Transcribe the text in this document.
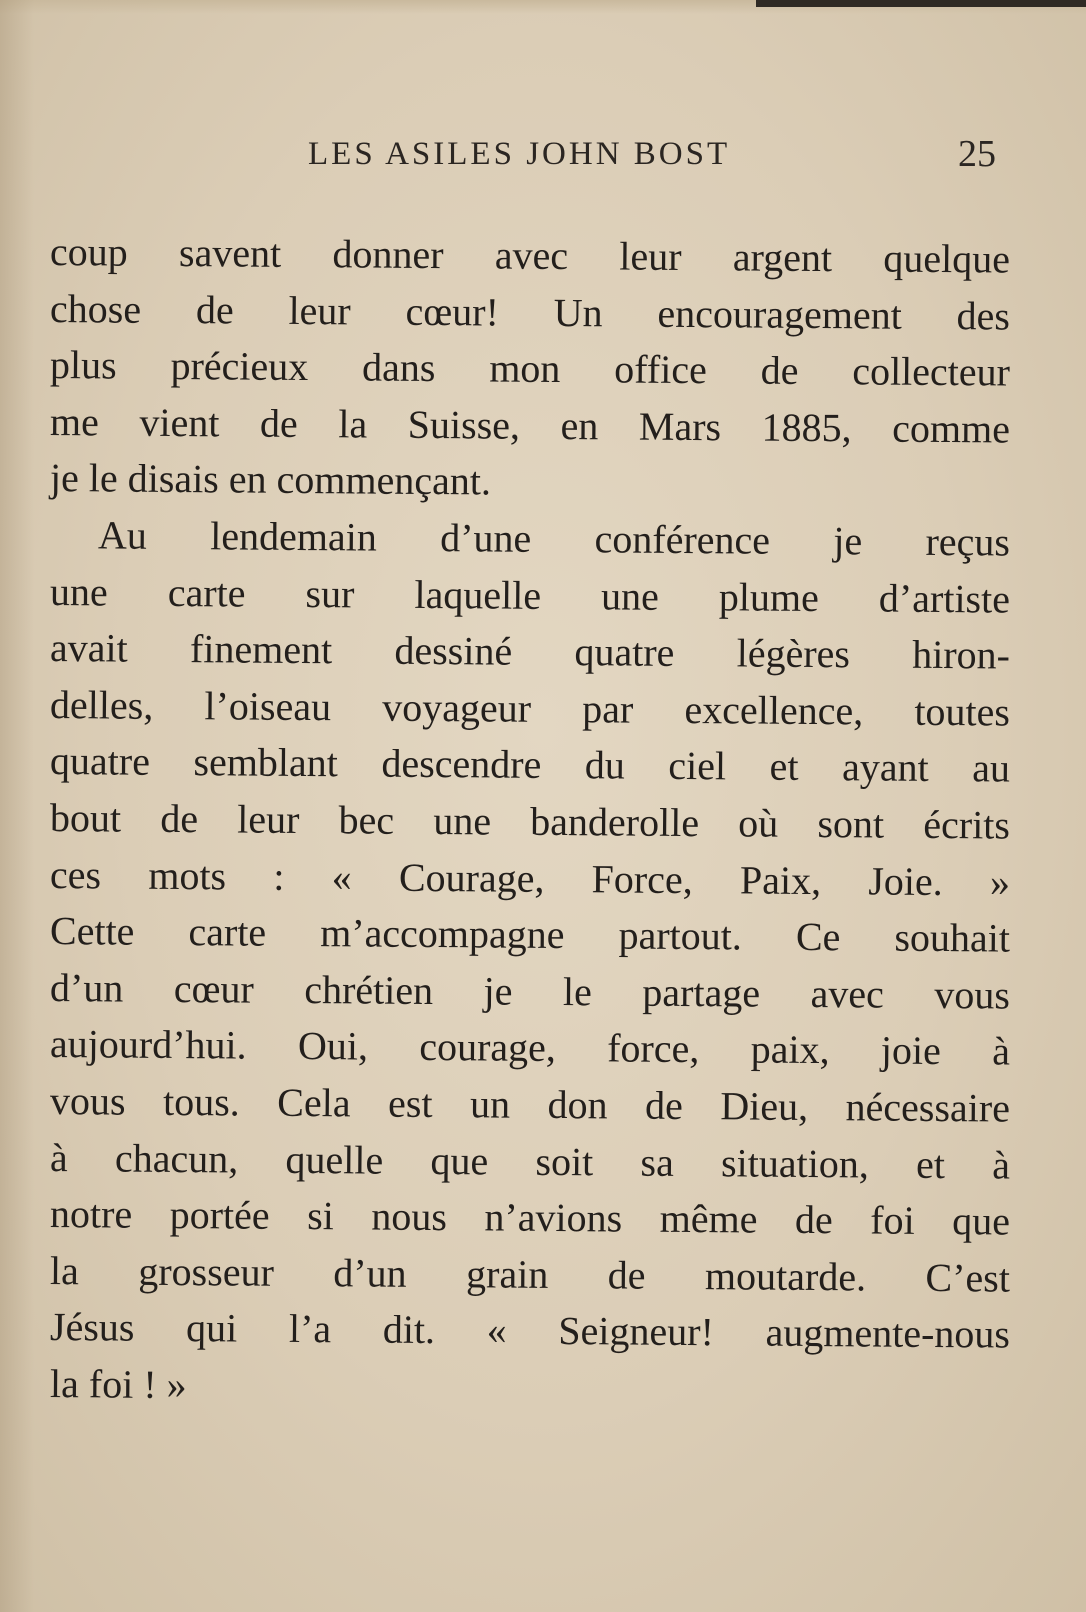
LES ASILES JOHN BOST	25
coup savent donner avec leur argent quelque
chose de leur cœur! Un encouragement des
plus précieux dans mon office de collecteur
me vient de la Suisse, en Mars 1885, comme
je le disais en commençant.
Au lendemain d’une conférence je reçus
une carte sur laquelle une plume d’artiste
avait finement dessiné quatre légères hiron-
delles, l’oiseau voyageur par excellence, toutes
quatre semblant descendre du ciel et ayant au
bout de leur bec une banderolle où sont écrits
ces mots : « Courage, Force, Paix, Joie. »
Cette carte m’accompagne partout. Ce souhait
d’un cœur chrétien je le partage avec vous
aujourd’hui. Oui, courage, force, paix, joie à
vous tous. Cela est un don de Dieu, nécessaire
à chacun, quelle que soit sa situation, et à
notre portée si nous n’avions même de foi que
la grosseur d’un grain de moutarde. C’est
Jésus qui l’a dit. « Seigneur! augmente-nous
la foi ! »
